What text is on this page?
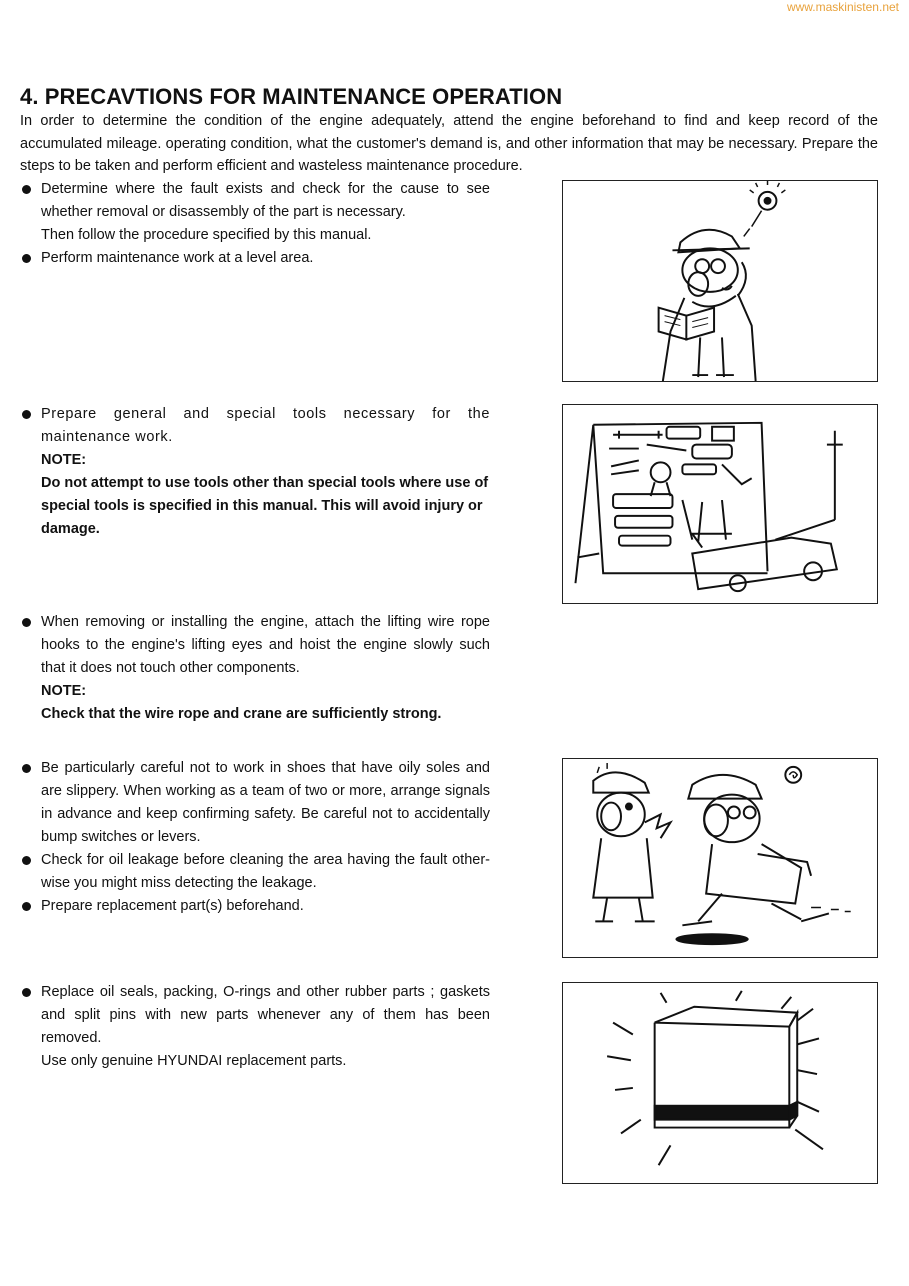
www.maskinisten.net
4. PRECAVTIONS FOR MAINTENANCE OPERATION

In order to determine the condition of the engine adequately, attend the engine beforehand to find and keep record of the accumulated mileage. operating condition, what the customer's demand is, and other information that may be necessary. Prepare the steps to be taken and perform efficient and wasteless maintenance procedure.

Determine where the fault exists and check for the cause to see whether removal or disassembly of the part is necessary.
Then follow the procedure specified by this manual.
Perform maintenance work at a level area.
Prepare general and special tools necessary for the maintenance work.
NOTE:
Do not attempt to use tools other than special tools where use of special tools is specified in this manual. This will avoid injury or damage.
When removing or installing the engine, attach the lifting wire rope hooks to the engine's lifting eyes and hoist the engine slowly such that it does not touch other components.
NOTE:
Check that the wire rope and crane are sufficiently strong.
Be particularly careful not to work in shoes that have oily soles and are slippery. When working as a team of two or more, arrange signals in advance and keep confirming safety. Be careful not to accidentally bump switches or levers.
Check for oil leakage before cleaning the area having the fault other-wise you might miss detecting the leakage.
Prepare replacement part(s) beforehand.
Replace oil seals, packing, O-rings and other rubber parts ; gaskets and split pins with new parts whenever any of them has been removed.
Use only genuine HYUNDAI replacement parts.
